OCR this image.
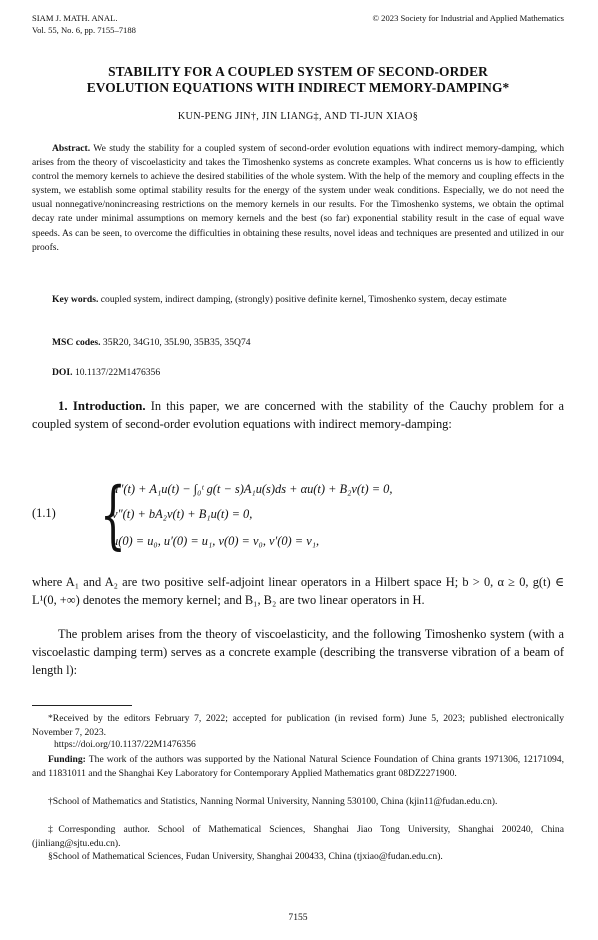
SIAM J. MATH. ANAL.
Vol. 55, No. 6, pp. 7155–7188
© 2023 Society for Industrial and Applied Mathematics
STABILITY FOR A COUPLED SYSTEM OF SECOND-ORDER
EVOLUTION EQUATIONS WITH INDIRECT MEMORY-DAMPING*
KUN-PENG JIN†, JIN LIANG‡, AND TI-JUN XIAO§
Abstract. We study the stability for a coupled system of second-order evolution equations with indirect memory-damping, which arises from the theory of viscoelasticity and takes the Timoshenko systems as concrete examples. What concerns us is how to efficiently control the memory kernels to achieve the desired stabilities of the whole system. With the help of the memory and coupling effects in the system, we establish some optimal stability results for the energy of the system under weak conditions. Especially, we do not need the usual nonnegative/nonincreasing restrictions on the memory kernels in our results. For the Timoshenko systems, we obtain the optimal decay rate under minimal assumptions on memory kernels and the best (so far) exponential stability result in the case of equal wave speeds. As can be seen, to overcome the difficulties in obtaining these results, novel ideas and techniques are presented and utilized in our proofs.
Key words. coupled system, indirect damping, (strongly) positive definite kernel, Timoshenko system, decay estimate
MSC codes. 35R20, 34G10, 35L90, 35B35, 35Q74
DOI. 10.1137/22M1476356
1. Introduction. In this paper, we are concerned with the stability of the Cauchy problem for a coupled system of second-order evolution equations with indirect memory-damping:
(1.1) {
u″(t) + A₁u(t) − ∫₀ᵗ g(t − s)A₁u(s)ds + αu(t) + B₂v(t) = 0,
v″(t) + bA₂v(t) + B₁u(t) = 0,
u(0) = u₀, u′(0) = u₁, v(0) = v₀, v′(0) = v₁,
where A₁ and A₂ are two positive self-adjoint linear operators in a Hilbert space H; b > 0, α ≥ 0, g(t) ∈ L¹(0, +∞) denotes the memory kernel; and B₁, B₂ are two linear operators in H.
The problem arises from the theory of viscoelasticity, and the following Timoshenko system (with a viscoelastic damping term) serves as a concrete example (describing the transverse vibration of a beam of length l):
*Received by the editors February 7, 2022; accepted for publication (in revised form) June 5, 2023; published electronically November 7, 2023.
https://doi.org/10.1137/22M1476356
Funding: The work of the authors was supported by the National Natural Science Foundation of China grants 1971306, 12171094, and 11831011 and the Shanghai Key Laboratory for Contemporary Applied Mathematics grant 08DZ2271900.
†School of Mathematics and Statistics, Nanning Normal University, Nanning 530100, China (kjin11@fudan.edu.cn).
‡Corresponding author. School of Mathematical Sciences, Shanghai Jiao Tong University, Shanghai 200240, China (jinliang@sjtu.edu.cn).
§School of Mathematical Sciences, Fudan University, Shanghai 200433, China (tjxiao@fudan.edu.cn).
7155
